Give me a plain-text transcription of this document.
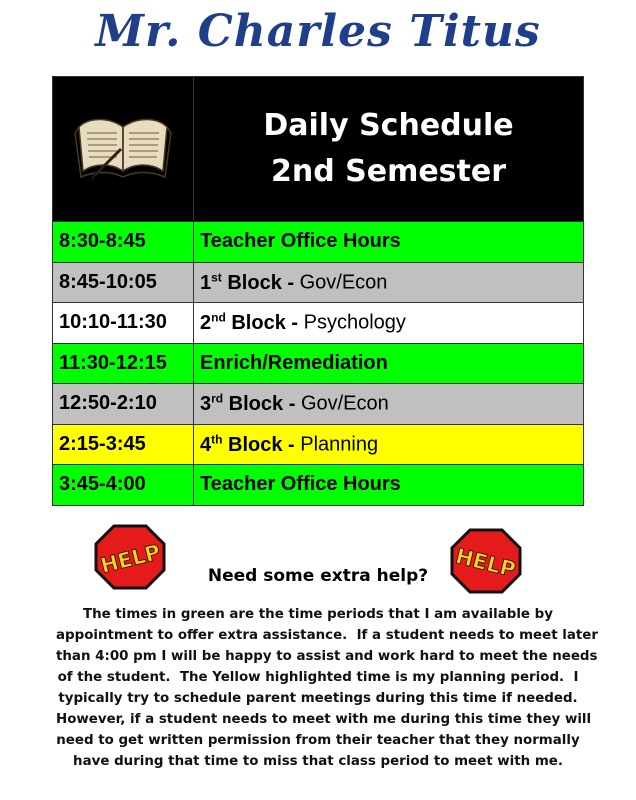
Mr. Charles Titus

Daily Schedule
2nd Semester

8:30-8:45	Teacher Office Hours
8:45-10:05	1st Block - Gov/Econ
10:10-11:30	2nd Block - Psychology
11:30-12:15	Enrich/Remediation
12:50-2:10	3rd Block - Gov/Econ
2:15-3:45	4th Block - Planning
3:45-4:00	Teacher Office Hours
HELP	HELP
Need some extra help?
The times in green are the time periods that I am available by
appointment to offer extra assistance.  If a student needs to meet later
than 4:00 pm I will be happy to assist and work hard to meet the needs
of the student.  The Yellow highlighted time is my planning period.  I
typically try to schedule parent meetings during this time if needed.
However, if a student needs to meet with me during this time they will
need to get written permission from their teacher that they normally
have during that time to miss that class period to meet with me.
